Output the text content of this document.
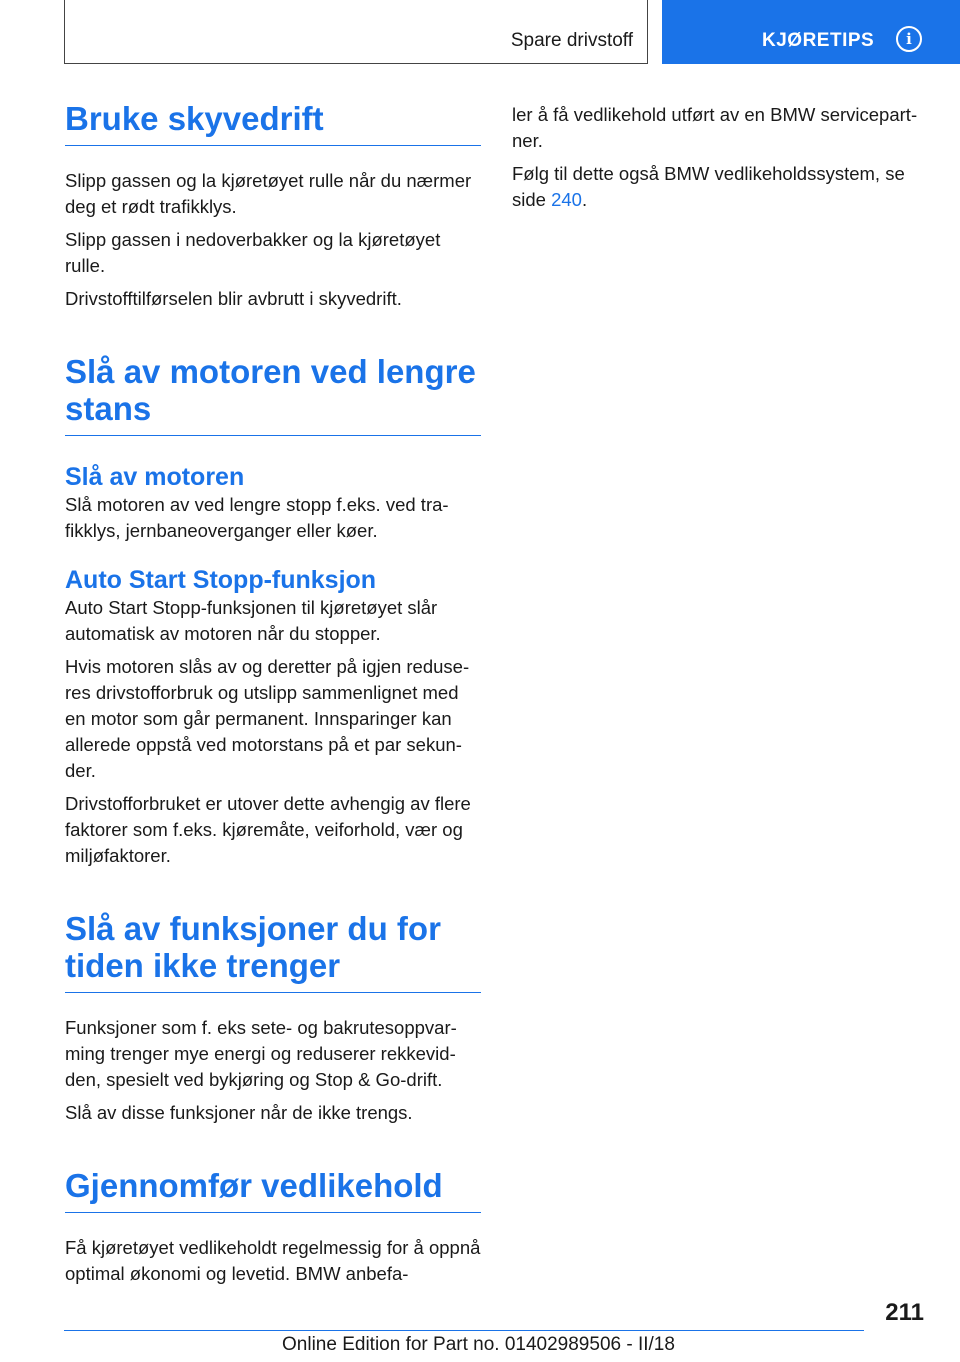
Spare drivstoff	KJØRETIPS i
Bruke skyvedrift

Slipp gassen og la kjøretøyet rulle når du nærmer deg et rødt trafikklys.

Slipp gassen i nedoverbakker og la kjøretøyet rulle.

Drivstofftilførselen blir avbrutt i skyvedrift.

Slå av motoren ved lengre
stans
Slå av motoren

Slå motoren av ved lengre stopp f.eks. ved trafikklys, jernbaneoverganger eller køer.

Auto Start Stopp-funksjon

Auto Start Stopp-funksjonen til kjøretøyet slår automatisk av motoren når du stopper.

Hvis motoren slås av og deretter på igjen reduseres drivstofforbruk og utslipp sammenlignet med en motor som går permanent. Innsparinger kan allerede oppstå ved motorstans på et par sekunder.

Drivstofforbruket er utover dette avhengig av flere faktorer som f.eks. kjøremåte, veiforhold, vær og miljøfaktorer.

Slå av funksjoner du for
tiden ikke trenger

Funksjoner som f. eks sete- og bakrutesoppvarming trenger mye energi og reduserer rekkevidden, spesielt ved bykjøring og Stop & Go-drift.

Slå av disse funksjoner når de ikke trengs.

Gjennomfør vedlikehold

Få kjøretøyet vedlikeholdt regelmessig for å oppnå optimal økonomi og levetid. BMW anbefa-

ler å få vedlikehold utført av en BMW servicepartner.

Følg til dette også BMW vedlikeholdssystem, se side 240.

211
Online Edition for Part no. 01402989506 - II/18
